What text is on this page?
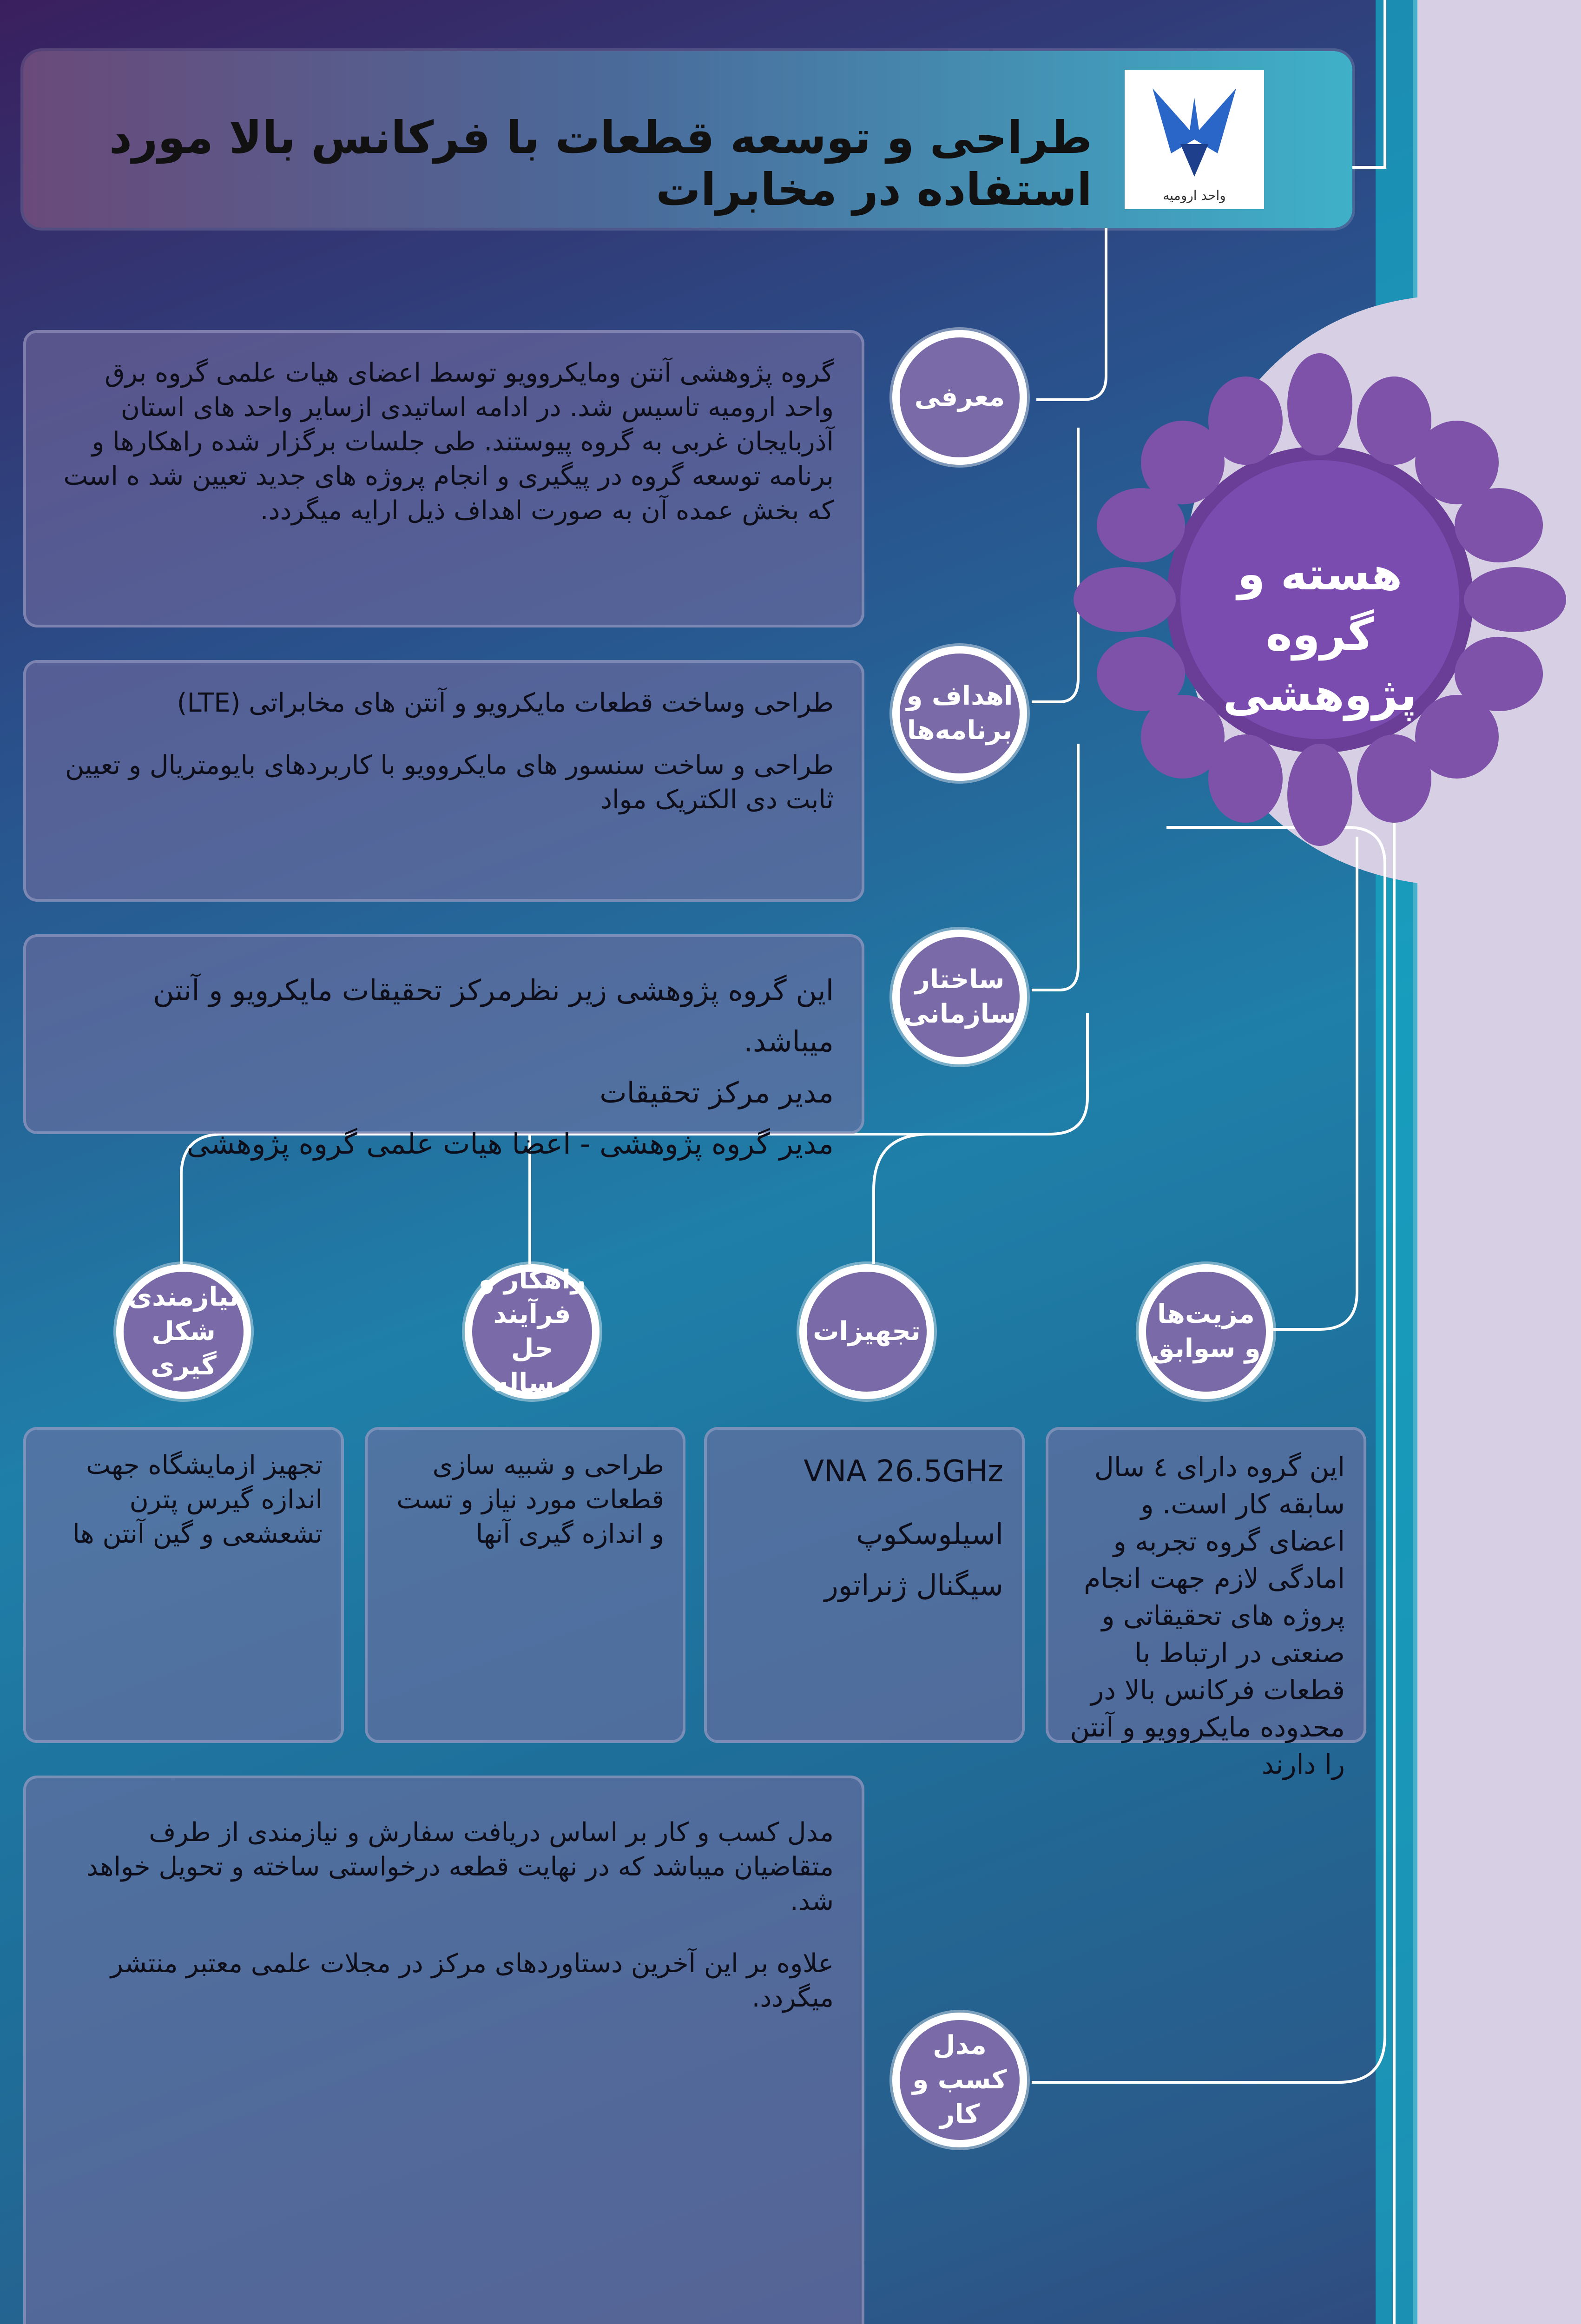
طراحی و توسعه قطعات با فرکانس بالا مورد استفاده در مخابرات	واحد ارومیه
هسته و گروه
پژوهشی

گروه پژوهشی آنتن ومایکروویو توسط اعضای هیات علمی گروه برق واحد ارومیه تاسیس شد. در ادامه اساتیدی ازسایر واحد های استان آذربایجان غربی به گروه پیوستند. طی جلسات برگزار شده راهکارها و برنامه توسعه گروه در پیگیری و انجام پروژه های جدید تعیین شد ه است که بخش عمده آن به صورت اهداف ذیل ارایه میگردد.

معرفی

طراحی وساخت قطعات مایکرویو و آنتن های مخابراتی (LTE)

طراحی و ساخت سنسور های مایکروویو با کاربردهای بایومتریال و تعیین ثابت دی الکتریک مواد

اهداف و برنامه‌ها

این گروه پژوهشی زیر نظرمرکز تحقیقات مایکرویو و آنتن میباشد.

مدیر مرکز تحقیقات

مدیر گروه پژوهشی - اعضا هیات علمی گروه پژوهشی

ساختار سازمانی
نیازمندی شکل گیری
راهکار و فرآیند حل مساله
تجهیزات
مزیت‌ها و سوابق

تجهیز ازمایشگاه جهت اندازه گیرس پترن تشعشعی و گین آنتن ها

طراحی و شبیه سازی قطعات مورد نیاز و تست و اندازه گیری آنها

VNA 26.5GHz

اسیلوسکوپ

سیگنال ژنراتور

این گروه دارای ٤ سال سابقه کار است. و اعضای گروه تجربه و امادگی لازم جهت انجام پروژه های تحقیقاتی و صنعتی در ارتباط با قطعات فرکانس بالا در محدوده مایکروویو و آنتن را دارند

مدل کسب و کار بر اساس دریافت سفارش و نیازمندی از طرف متقاضیان میباشد که در نهایت قطعه درخواستی ساخته و تحویل خواهد شد.

علاوه بر این آخرین دستاوردهای مرکز در مجلات علمی معتبر منتشر میگردد.

مدل کسب و کار
